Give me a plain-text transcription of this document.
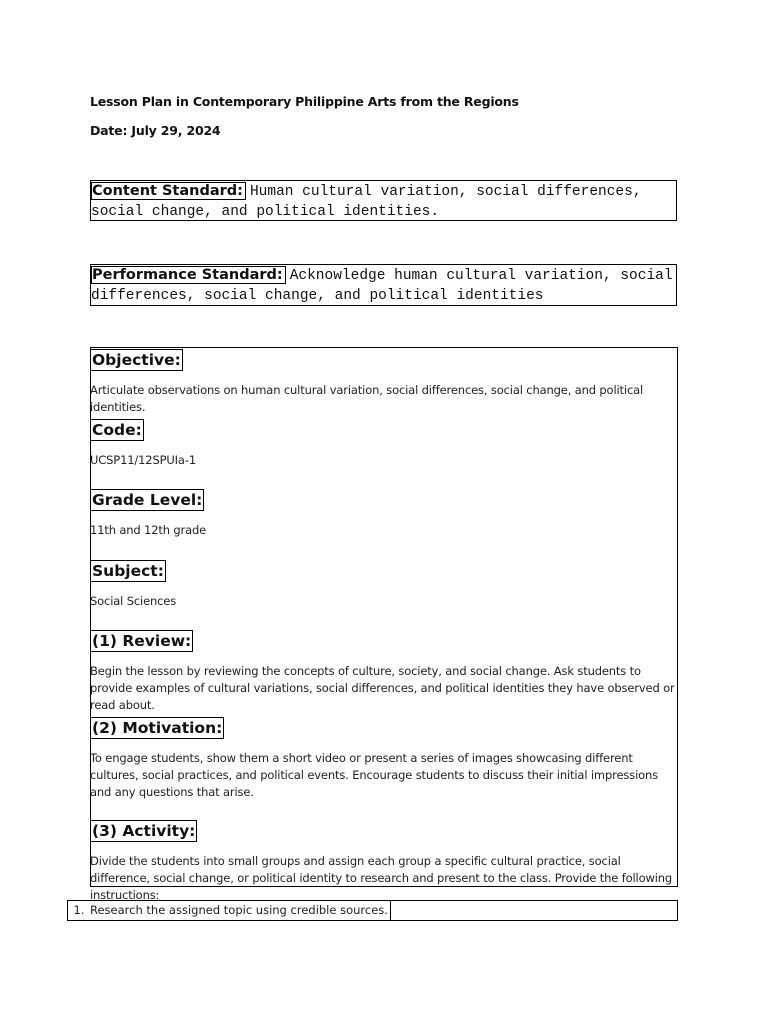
Lesson Plan in Contemporary Philippine Arts from the Regions
Date: July 29, 2024
Content Standard: Human cultural variation, social differences, social change, and political identities.
Performance Standard: Acknowledge human cultural variation, social differences, social change, and political identities
Objective:
Articulate observations on human cultural variation, social differences, social change, and political identities.
Code:
UCSP11/12SPUIa-1
Grade Level:
11th and 12th grade
Subject:
Social Sciences
(1) Review:
Begin the lesson by reviewing the concepts of culture, society, and social change. Ask students to provide examples of cultural variations, social differences, and political identities they have observed or read about.
(2) Motivation:
To engage students, show them a short video or present a series of images showcasing different cultures, social practices, and political events. Encourage students to discuss their initial impressions and any questions that arise.
(3) Activity:
Divide the students into small groups and assign each group a specific cultural practice, social difference, social change, or political identity to research and present to the class. Provide the following instructions:
1. Research the assigned topic using credible sources.
